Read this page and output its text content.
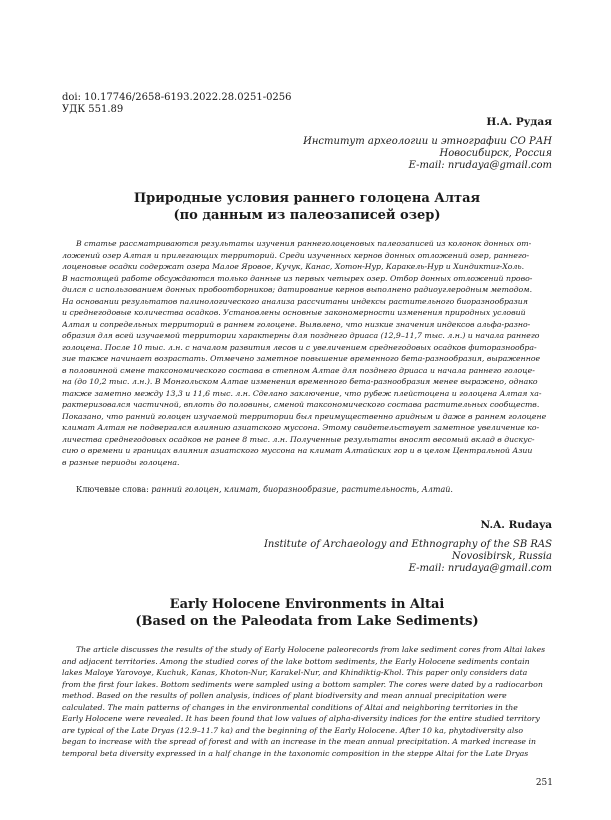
doi: 10.17746/2658-6193.2022.28.0251-0256
УДК 551.89
Н.А. Рудая
Институт археологии и этнографии СО РАН
Новосибирск, Россия
E-mail: nrudaya@gmail.com
Природные условия раннего голоцена Алтая
(по данным из палеозаписей озер)
В статье рассматриваются результаты изучения раннеголоценовых палеозаписей из колонок донных от-
ложений озер Алтая и прилегающих территорий. Среди изученных кернов донных отложений озер, раннего-
лоценовые осадки содержат озера Малое Яровое, Кучук, Канас, Хотон-Нур, Каракель-Нур и Хиндиктиг-Холь.
В настоящей работе обсуждаются только данные из первых четырех озер. Отбор донных отложений прово-
дился с использованием донных пробоотборников; датирование кернов выполнено радиоуглеродным методом.
На основании результатов палинологического анализа рассчитаны индексы растительного биоразнообразия
и среднегодовые количества осадков. Установлены основные закономерности изменения природных условий
Алтая и сопредельных территорий в раннем голоцене. Выявлено, что низкие значения индексов альфа-разно-
образия для всей изучаемой территории характерны для позднего дриаса (12,9–11,7 тыс. л.н.) и начала раннего
голоцена. После 10 тыс. л.н. с началом развития лесов и с увеличением среднегодовых осадков фиторазнообра-
зие также начинает возрастать. Отмечено заметное повышение временного бета-разнообразия, выраженное
в половинной смене таксономического состава в степном Алтае для позднего дриаса и начала раннего голоце-
на (до 10,2 тыс. л.н.). В Монгольском Алтае изменения временного бета-разнообразия менее выражено, однако
также заметно между 13,3 и 11,6 тыс. л.н. Сделано заключение, что рубеж плейстоцена и голоцена Алтая ха-
рактеризовался частичной, вплоть до половины, сменой таксономического состава растительных сообществ.
Показано, что ранний голоцен изучаемой территории был преимущественно аридным и даже в раннем голоцене
климат Алтая не подвергался влиянию азиатского муссона. Этому свидетельствует заметное увеличение ко-
личества среднегодовых осадков не ранее 8 тыс. л.н. Полученные результаты вносят весомый вклад в дискус-
сию о времени и границах влияния азиатского муссона на климат Алтайских гор и в целом Центральной Азии
в разные периоды голоцена.
Ключевые слова: ранний голоцен, климат, биоразнообразие, растительность, Алтай.
N.A. Rudaya
Institute of Archaeology and Ethnography of the SB RAS
Novosibirsk, Russia
E-mail: nrudaya@gmail.com
Early Holocene Environments in Altai
(Based on the Paleodata from Lake Sediments)
The article discusses the results of the study of Early Holocene paleorecords from lake sediment cores from Altai lakes
and adjacent territories. Among the studied cores of the lake bottom sediments, the Early Holocene sediments contain
lakes Maloye Yarovoye, Kuchuk, Kanas, Khoton-Nur, Karakel-Nur, and Khindiktig-Khol. This paper only considers data
from the first four lakes. Bottom sediments were sampled using a bottom sampler. The cores were dated by a radiocarbon
method. Based on the results of pollen analysis, indices of plant biodiversity and mean annual precipitation were
calculated. The main patterns of changes in the environmental conditions of Altai and neighboring territories in the
Early Holocene were revealed. It has been found that low values of alpha-diversity indices for the entire studied territory
are typical of the Late Dryas (12.9–11.7 ka) and the beginning of the Early Holocene. After 10 ka, phytodiversity also
began to increase with the spread of forest and with an increase in the mean annual precipitation. A marked increase in
temporal beta diversity expressed in a half change in the taxonomic composition in the steppe Altai for the Late Dryas
251
